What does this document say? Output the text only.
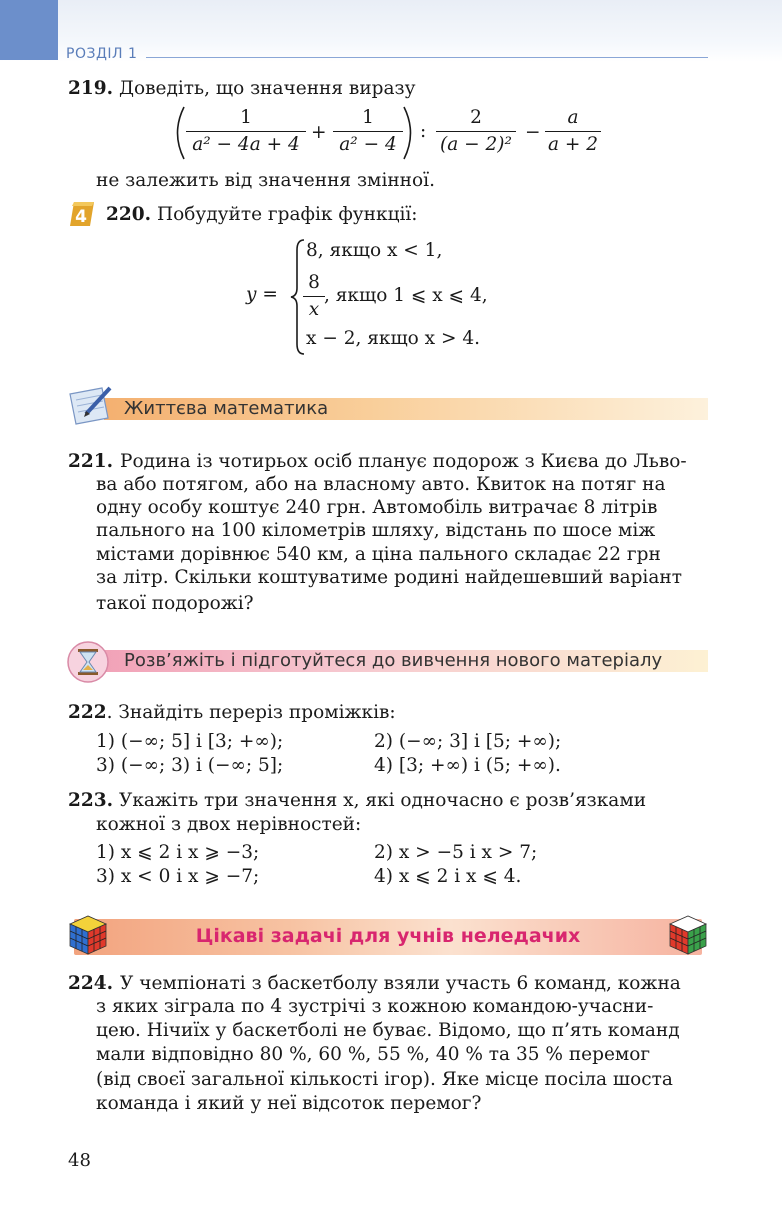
РОЗДІЛ 1
219. Доведіть, що значення виразу
1
a² − 4a + 4
+
1
a² − 4
:
2
(a − 2)²
−
a
a + 2
не залежить від значення змінної.
4 220. Побудуйте графік функції:
y =
8, якщо x < 1,
8
x
, якщо 1 ⩽ x ⩽ 4,
x − 2, якщо x > 4.
Життєва математика
221. Родина із чотирьох осіб планує подорож з Києва до Льво-
ва або потягом, або на власному авто. Квиток на потяг на
одну особу коштує 240 грн. Автомобіль витрачає 8 літрів
пального на 100 кілометрів шляху, відстань по шосе між
містами дорівнює 540 км, а ціна пального складає 22 грн
за літр. Скільки коштуватиме родині найдешевший варіант
такої подорожі?
Розв’яжіть і підготуйтеся до вивчення нового матеріалу
222. Знайдіть переріз проміжків:
1) (−∞; 5] і [3; +∞);	2) (−∞; 3] і [5; +∞);
3) (−∞; 3) і (−∞; 5];	4) [3; +∞) і (5; +∞).
223. Укажіть три значення x, які одночасно є розв’язками
кожної з двох нерівностей:
1) x ⩽ 2 і x ⩾ −3;	2) x > −5 і x > 7;
3) x < 0 і x ⩾ −7;	4) x ⩽ 2 і x ⩽ 4.
Цікаві задачі для учнів неледачих
224. У чемпіонаті з баскетболу взяли участь 6 команд, кожна
з яких зіграла по 4 зустрічі з кожною командою-учасни-
цею. Нічиїх у баскетболі не буває. Відомо, що п’ять команд
мали відповідно 80 %, 60 %, 55 %, 40 % та 35 % перемог
(від своєї загальної кількості ігор). Яке місце посіла шоста
команда і який у неї відсоток перемог?
48
